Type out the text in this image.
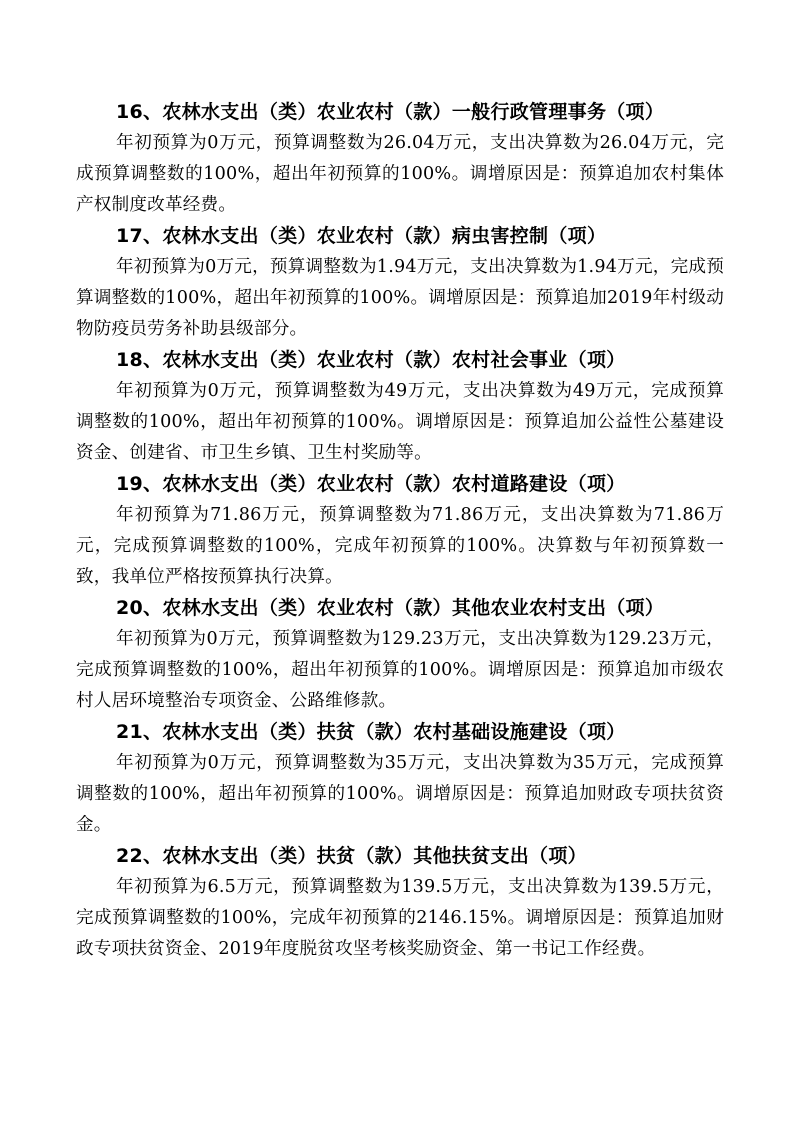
16、农林水支出（类）农业农村（款）一般行政管理事务（项）

年初预算为0万元，预算调整数为26.04万元，支出决算数为26.04万元，完成预算调整数的100%，超出年初预算的100%。调增原因是：预算追加农村集体产权制度改革经费。

17、农林水支出（类）农业农村（款）病虫害控制（项）

年初预算为0万元，预算调整数为1.94万元，支出决算数为1.94万元，完成预算调整数的100%，超出年初预算的100%。调增原因是：预算追加2019年村级动物防疫员劳务补助县级部分。

18、农林水支出（类）农业农村（款）农村社会事业（项）

年初预算为0万元，预算调整数为49万元，支出决算数为49万元，完成预算调整数的100%，超出年初预算的100%。调增原因是：预算追加公益性公墓建设资金、创建省、市卫生乡镇、卫生村奖励等。

19、农林水支出（类）农业农村（款）农村道路建设（项）

年初预算为71.86万元，预算调整数为71.86万元，支出决算数为71.86万元，完成预算调整数的100%，完成年初预算的100%。决算数与年初预算数一致，我单位严格按预算执行决算。

20、农林水支出（类）农业农村（款）其他农业农村支出（项）

年初预算为0万元，预算调整数为129.23万元，支出决算数为129.23万元，完成预算调整数的100%，超出年初预算的100%。调增原因是：预算追加市级农村人居环境整治专项资金、公路维修款。

21、农林水支出（类）扶贫（款）农村基础设施建设（项）

年初预算为0万元，预算调整数为35万元，支出决算数为35万元，完成预算调整数的100%，超出年初预算的100%。调增原因是：预算追加财政专项扶贫资金。

22、农林水支出（类）扶贫（款）其他扶贫支出（项）

年初预算为6.5万元，预算调整数为139.5万元，支出决算数为139.5万元，完成预算调整数的100%，完成年初预算的2146.15%。调增原因是：预算追加财政专项扶贫资金、2019年度脱贫攻坚考核奖励资金、第一书记工作经费。
